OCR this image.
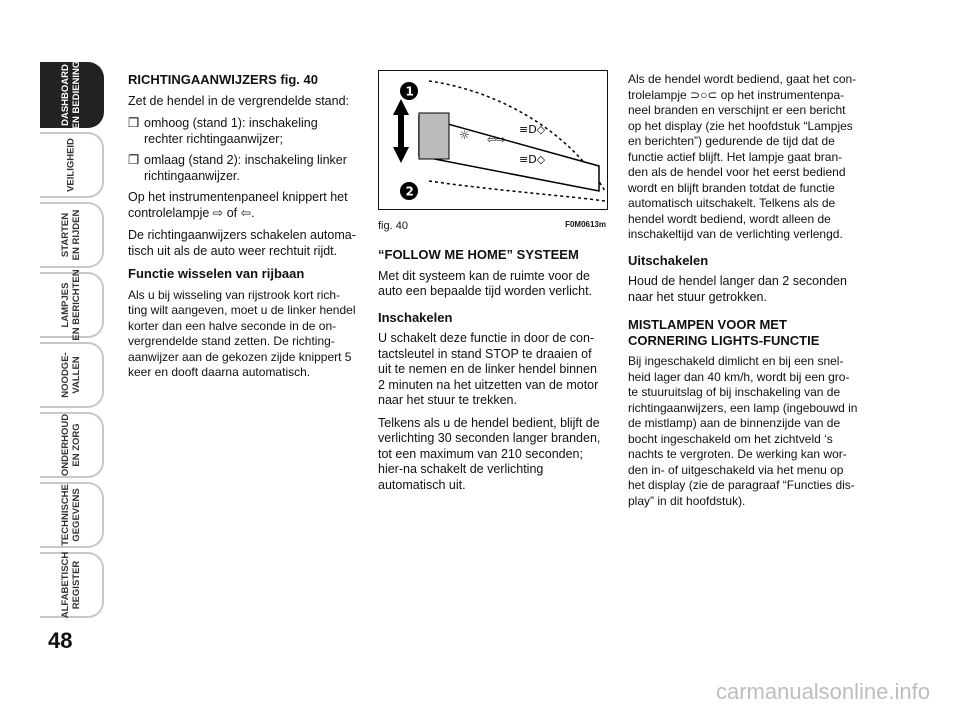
DASHBOARD
EN BEDIENING
VEILIGHEID
STARTEN
EN RIJDEN
LAMPJES
EN BERICHTEN
NOODGE-
VALLEN
ONDERHOUD
EN ZORG
TECHNISCHE
GEGEVENS
ALFABETISCH
REGISTER
48
RICHTINGAANWIJZERS fig. 40

Zet de hendel in de vergrendelde stand:

❒ omhoog (stand 1): inschakeling rechter richtingaanwijzer;
❒ omlaag (stand 2): inschakeling linker richtingaanwijzer.

Op het instrumentenpaneel knippert het controlelampje ⇨ of ⇦.

De richtingaanwijzers schakelen automa-tisch uit als de auto weer rechtuit rijdt.

Functie wisselen van rijbaan

Als u bij wisseling van rijstrook kort rich-ting wilt aangeven, moet u de linker hendel korter dan een halve seconde in de on-vergrendelde stand zetten. De richting-aanwijzer aan de gekozen zijde knippert 5 keer en dooft daarna automatisch.

☼ ⇦⇨
≡D◇
≡D◇
1
2
fig. 40	F0M0613m
“FOLLOW ME HOME” SYSTEEM

Met dit systeem kan de ruimte voor de auto een bepaalde tijd worden verlicht.

Inschakelen

U schakelt deze functie in door de con-tactsleutel in stand STOP te draaien of uit te nemen en de linker hendel binnen 2 minuten na het uitzetten van de motor naar het stuur te trekken.

Telkens als u de hendel bedient, blijft de verlichting 30 seconden langer branden, tot een maximum van 210 seconden; hier-na schakelt de verlichting automatisch uit.

Als de hendel wordt bediend, gaat het con-trolelampje ⊃○⊂ op het instrumentenpa-neel branden en verschijnt er een bericht op het display (zie het hoofdstuk “Lampjes en berichten”) gedurende de tijd dat de functie actief blijft. Het lampje gaat bran-den als de hendel voor het eerst bediend wordt en blijft branden totdat de functie automatisch uitschakelt. Telkens als de hendel wordt bediend, wordt alleen de inschakeltijd van de verlichting verlengd.

Uitschakelen

Houd de hendel langer dan 2 seconden naar het stuur getrokken.

MISTLAMPEN VOOR MET CORNERING LIGHTS-FUNCTIE

Bij ingeschakeld dimlicht en bij een snel-heid lager dan 40 km/h, wordt bij een gro-te stuuruitslag of bij inschakeling van de richtingaanwijzers, een lamp (ingebouwd in de mistlamp) aan de binnenzijde van de bocht ingeschakeld om het zichtveld ‘s nachts te vergroten. De werking kan wor-den in- of uitgeschakeld via het menu op het display (zie de paragraaf “Functies dis-play” in dit hoofdstuk).

carmanualsonline.info
